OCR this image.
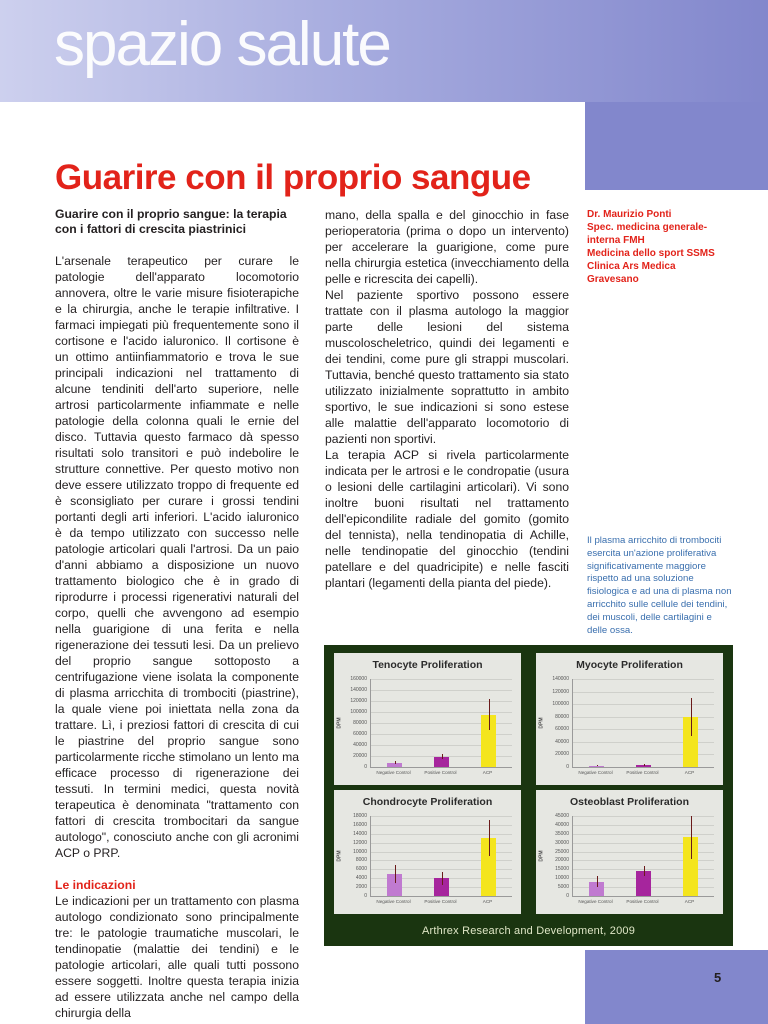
spazio salute
5
Guarire con il proprio sangue
Guarire con il proprio sangue: la terapia con i fattori di crescita piastrinici

L'arsenale terapeutico per curare le patologie dell'apparato locomotorio annovera, oltre le varie misure fisioterapiche e la chirurgia, anche le terapie infiltrative. I farmaci impiegati più frequentemente sono il cortisone e l'acido ialuronico. Il cortisone è un ottimo antiinfiammatorio e trova le sue principali indicazioni nel trattamento di alcune tendiniti dell'arto superiore, nelle artrosi particolarmente infiammate e nelle patologie della colonna quali le ernie del disco. Tuttavia questo farmaco dà spesso risultati solo transitori e può indebolire le strutture connettive. Per questo motivo non deve essere utilizzato troppo di frequente ed è sconsigliato per curare i grossi tendini portanti degli arti inferiori. L'acido ialuronico è da tempo utilizzato con successo nelle patologie articolari quali l'artrosi. Da un paio d'anni abbiamo a disposizione un nuovo trattamento biologico che è in grado di riprodurre i processi rigenerativi naturali del corpo, quelli che avvengono ad esempio nella guarigione di una ferita e nella rigenerazione dei tessuti lesi. Da un prelievo del proprio sangue sottoposto a centrifugazione viene isolata la componente di plasma arricchita di trombociti (piastrine), la quale viene poi iniettata nella zona da trattare. Lì, i preziosi fattori di crescita di cui le piastrine del proprio sangue sono particolarmente ricche stimolano un lento ma efficace processo di rigenerazione dei tessuti. In termini medici, questa novità terapeutica è denominata "trattamento con fattori di crescita trombocitari da sangue autologo", conosciuto anche con gli acronimi ACP o PRP.

Le indicazioni

Le indicazioni per un trattamento con plasma autologo condizionato sono principalmente tre: le patologie traumatiche muscolari, le tendinopatie (malattie dei tendini) e le patologie articolari, alle quali tutti possono essere soggetti. Inoltre questa terapia inizia ad essere utilizzata anche nel campo della chirurgia della

mano, della spalla e del ginocchio in fase perioperatoria (prima o dopo un intervento) per accelerare la guarigione, come pure nella chirurgia estetica (invecchiamento della pelle e ricrescita dei capelli).

Nel paziente sportivo possono essere trattate con il plasma autologo la maggior parte delle lesioni del sistema muscoloscheletrico, quindi dei legamenti e dei tendini, come pure gli strappi muscolari. Tuttavia, benché questo trattamento sia stato utilizzato inizialmente soprattutto in ambito sportivo, le sue indicazioni si sono estese alle malattie dell'apparato locomotorio di pazienti non sportivi.

La terapia ACP si rivela particolarmente indicata per le artrosi e le condropatie (usura o lesioni delle cartilagini articolari). Vi sono inoltre buoni risultati nel trattamento dell'epicondilite radiale del gomito (gomito del tennista), nella tendinopatia di Achille, nelle tendinopatie del ginocchio (tendini patellare e del quadricipite) e nelle fasciti plantari (legamenti della pianta del piede).

Dr. Maurizio Ponti
Spec. medicina generale-
interna FMH
Medicina dello sport SSMS
Clinica Ars Medica
Gravesano
Il plasma arricchito di trombociti esercita un'azione proliferativa significativamente maggiore rispetto ad una soluzione fisiologica e ad una di plasma non arricchito sulle cellule dei tendini, dei muscoli, delle cartilagini e delle ossa.
Arthrex Research and Development, 2009
Tenocyte Proliferation
0
20000
40000
60000
80000
100000
120000
140000
160000
DPM
Negative Control	Positive Control	ACP
Myocyte Proliferation
0
20000
40000
60000
80000
100000
120000
140000
DPM
Negative Control	Positive Control	ACP
Chondrocyte Proliferation
0
2000
4000
6000
8000
10000
12000
14000
16000
18000
DPM
Negative Control	Positive Control	ACP
Osteoblast Proliferation
0
5000
10000
15000
20000
25000
30000
35000
40000
45000
DPM
Negative Control	Positive Control	ACP
